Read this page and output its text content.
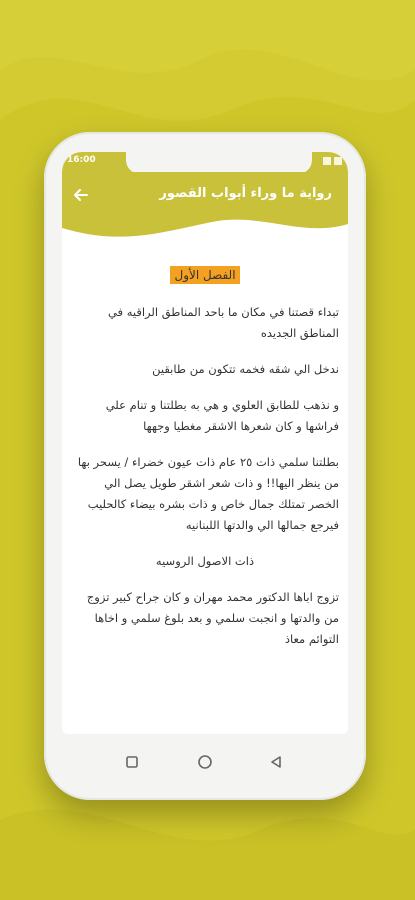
16:00
رواية ما وراء أبواب القصور
الفصل الأول

تبداء قصتنا في مكان ما باحد المناطق الراقيه في المناطق الجديده

ندخل الي شقه فخمه تتكون من طابقين

و نذهب للطابق العلوي و هي به بطلتنا و تنام علي فراشها و كان شعرها الاشقر مغطيا وجهها

بطلتنا سلمي ذات ٢٥ عام ذات عيون خضراء / يسحر بها من ينظر اليها!! و ذات شعر اشقر طويل يصل الي الخصر تمتلك جمال خاص و ذات بشره بيضاء كالحليب فيرجع جمالها الي والدتها اللبنانيه

ذات الاصول الروسيه

تزوج اباها الدكتور محمد مهران و كان جراح كبير تزوج من والدتها و انجبت سلمي و بعد بلوغ سلمي و اخاها التوائم معاذ
